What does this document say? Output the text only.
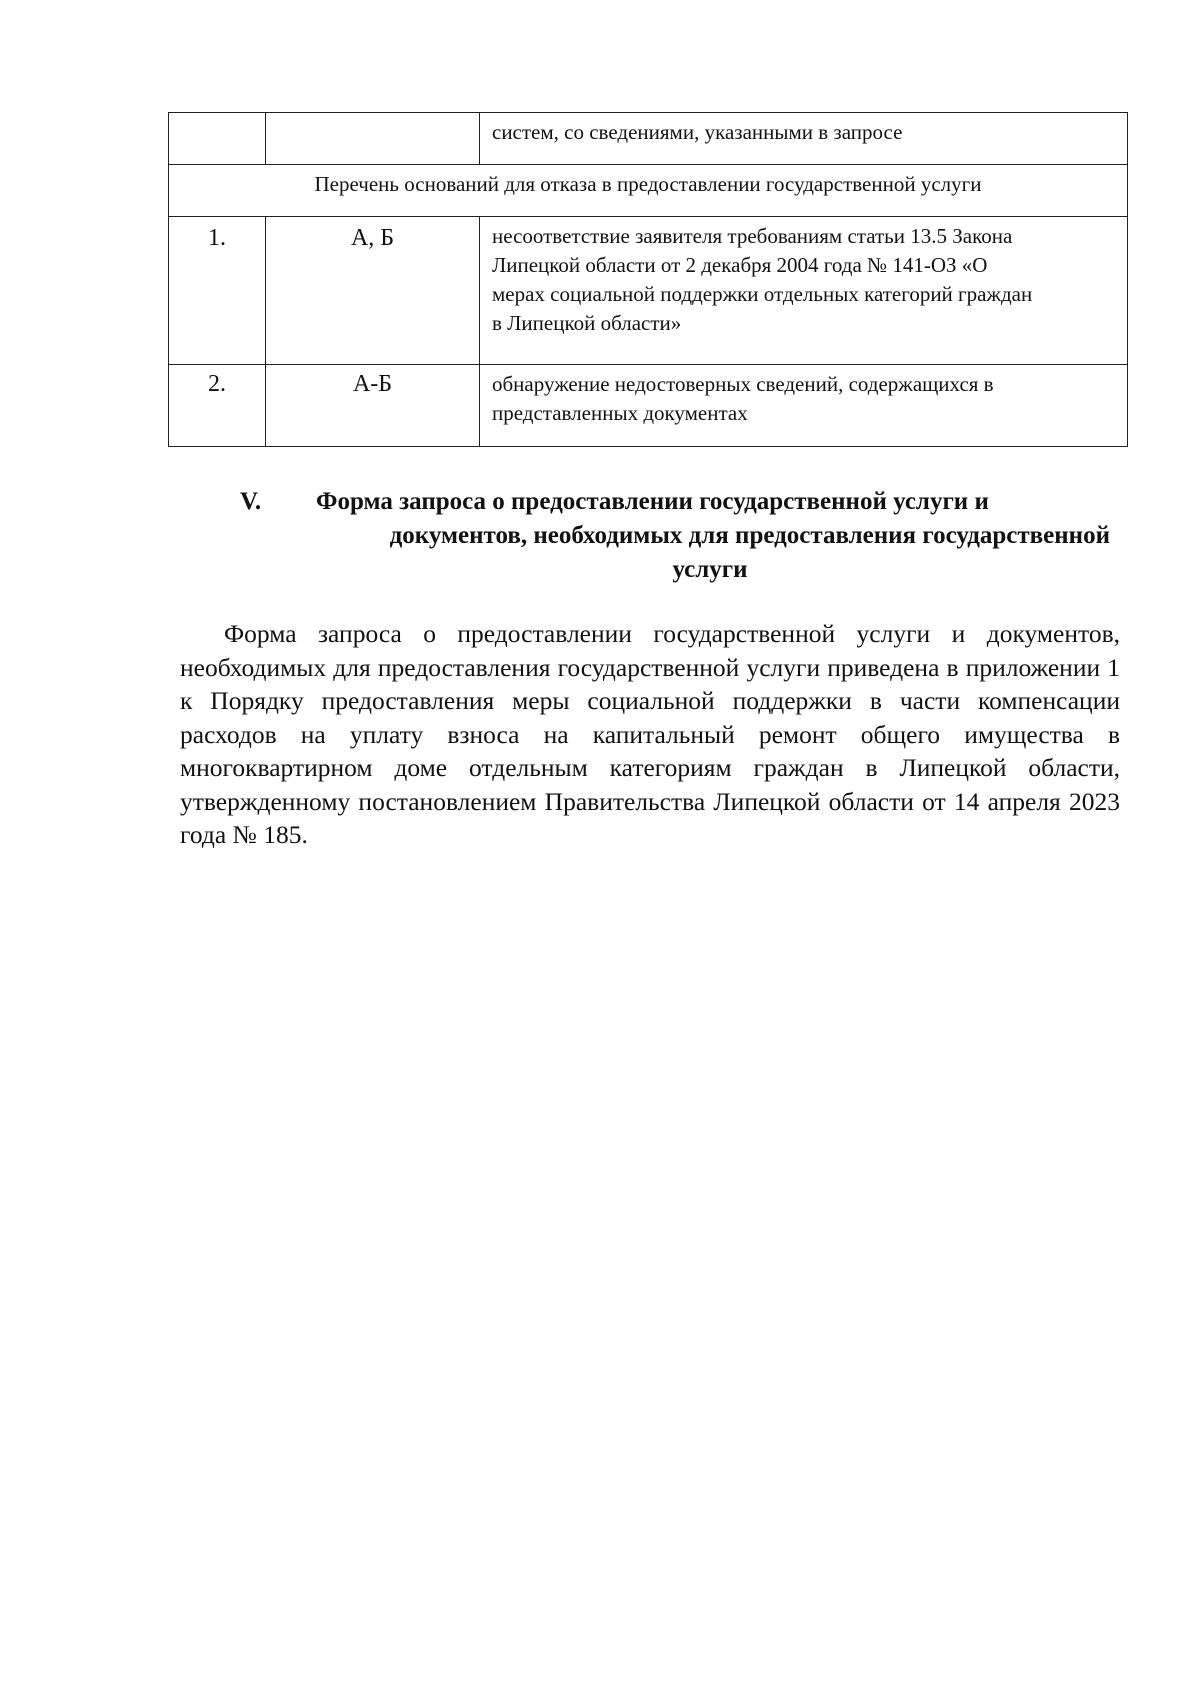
		систем, со сведениями, указанными в запросе
Перечень оснований для отказа в предоставлении государственной услуги		
1.	А, Б	несоответствие заявителя требованиям статьи 13.5 Закона
Липецкой области от 2 декабря 2004 года № 141-ОЗ «О
мерах социальной поддержки отдельных категорий граждан
в Липецкой области»

2.	А-Б	обнаружение недостоверных сведений, содержащихся в
представленных документах
V. Форма запроса о предоставлении государственной услуги и
документов, необходимых для предоставления государственной
услуги

Форма запроса о предоставлении государственной услуги и документов, необходимых для предоставления государственной услуги приведена в приложении 1 к Порядку предоставления меры социальной поддержки в части компенсации расходов на уплату взноса на капитальный ремонт общего имущества в многоквартирном доме отдельным категориям граждан в Липецкой области, утвержденному постановлением Правительства Липецкой области от 14 апреля 2023 года № 185.
